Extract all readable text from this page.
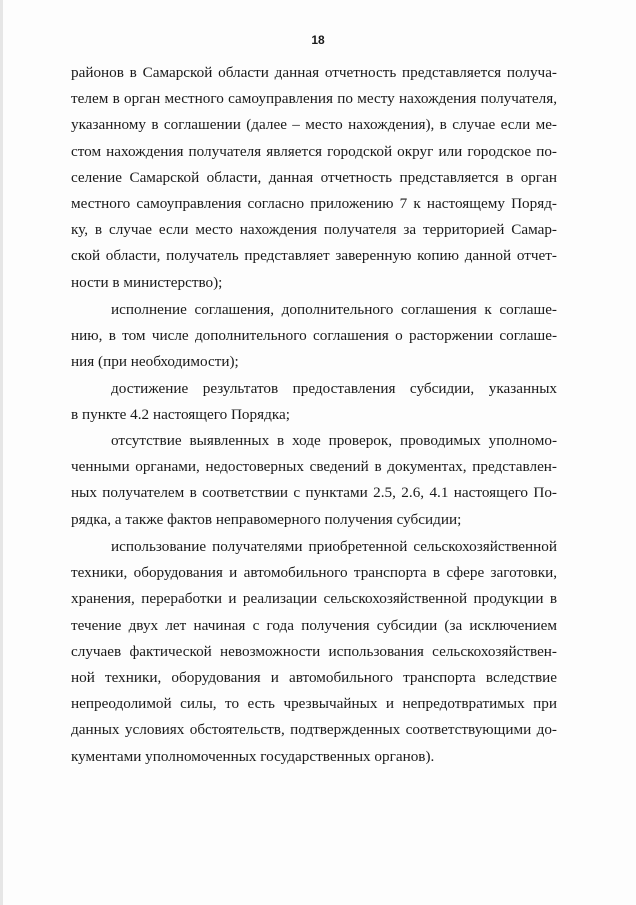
18
районов в Самарской области данная отчетность представляется получа-
телем в орган местного самоуправления по месту нахождения получателя,
указанному в соглашении (далее – место нахождения), в случае если ме-
стом нахождения получателя является городской округ или городское по-
селение Самарской области, данная отчетность представляется в орган
местного самоуправления согласно приложению 7 к настоящему Поряд-
ку, в случае если место нахождения получателя за территорией Самар-
ской области, получатель представляет заверенную копию данной отчет-
ности в министерство);
исполнение соглашения, дополнительного соглашения к соглаше-
нию, в том числе дополнительного соглашения о расторжении соглаше-
ния (при необходимости);
достижение результатов предоставления субсидии, указанных
в пункте 4.2 настоящего Порядка;
отсутствие выявленных в ходе проверок, проводимых уполномо-
ченными органами, недостоверных сведений в документах, представлен-
ных получателем в соответствии с пунктами 2.5, 2.6, 4.1 настоящего По-
рядка, а также фактов неправомерного получения субсидии;
использование получателями приобретенной сельскохозяйственной
техники, оборудования и автомобильного транспорта в сфере заготовки,
хранения, переработки и реализации сельскохозяйственной продукции в
течение двух лет начиная с года получения субсидии (за исключением
случаев фактической невозможности использования сельскохозяйствен-
ной техники, оборудования и автомобильного транспорта вследствие
непреодолимой силы, то есть чрезвычайных и непредотвратимых при
данных условиях обстоятельств, подтвержденных соответствующими до-
кументами уполномоченных государственных органов).
